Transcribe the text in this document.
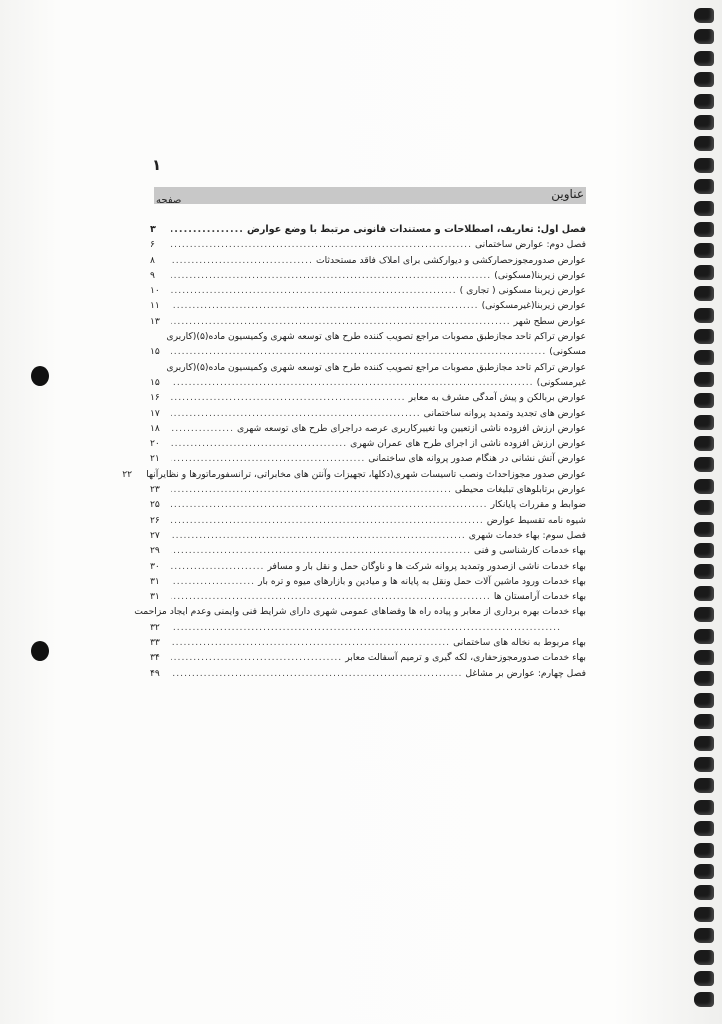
۱
عناوین
صفحه
فصل اول: تعاریف، اصطلاحات و مستندات قانونی مرتبط با وضع عوارض
.....
۳
فصل دوم: عوارض ساختمانی
.....
۶
عوارض صدورمجوزحصارکشی و دیوارکشی برای املاک فاقد مستحدثات
.....
۸
عوارض زیربنا(مسکونی)
.....
۹
عوارض زیربنا مسکونی ( تجاری )
.....
۱۰
عوارض زیربنا(غیرمسکونی)
.....
۱۱
عوارض سطح شهر
.....
۱۳
عوارض تراکم تاحد مجازطبق مصوبات مراجع تصویب کننده طرح های توسعه شهری وکمیسیون ماده(۵)(کاربری
مسکونی)
.....
۱۵
عوارض تراکم تاحد مجازطبق مصوبات مراجع تصویب کننده طرح های توسعه شهری وکمیسیون ماده(۵)(کاربری
غیرمسکونی)
.....
۱۵
عوارض بربالکن و پیش آمدگی مشرف به معابر
.....
۱۶
عوارض های تجدید وتمدید پروانه ساختمانی
.....
۱۷
عوارض ارزش افزوده ناشی ازتعیین وبا تغییرکاربری عرصه دراجرای طرح های توسعه شهری
.....
۱۸
عوارض ارزش افزوده ناشی از اجرای طرح های عمران شهری
.....
۲۰
عوارض آتش نشانی در هنگام صدور پروانه های ساختمانی
.....
۲۱
عوارض صدور مجوزاحداث ونصب تاسیسات شهری(دکلها، تجهیزات وآنتن های مخابراتی، ترانسفورماتورها و نظایرآنها
۲۲
عوارض برتابلوهای تبلیغات محیطی
.....
۲۳
ضوابط و مقررات پایانکار
.....
۲۵
شیوه نامه تقسیط عوارض
.....
۲۶
فصل سوم: بهاء خدمات شهری
.....
۲۷
بهاء خدمات کارشناسی و فنی
.....
۲۹
بهاء خدمات ناشی ازصدور وتمدید پروانه شرکت ها و ناوگان حمل و نقل بار و مسافر
.....
۳۰
بهاء خدمات ورود ماشین آلات حمل ونقل به پایانه ها و میادین و بازارهای میوه و تره بار
.....
۳۱
بهاء خدمات آرامستان ها
.....
۳۱
بهاء خدمات بهره برداری از معابر و پیاده راه ها وفضاهای عمومی شهری دارای شرایط فنی وایمنی وعدم ایجاد مزاحمت
.....
۳۲
بهاء مربوط به نخاله های ساختمانی
.....
۳۳
بهاء خدمات صدورمجوزحفاری، لکه گیری و ترمیم آسفالت معابر
.....
۳۴
فصل چهارم: عوارض بر مشاغل
.....
۴۹
